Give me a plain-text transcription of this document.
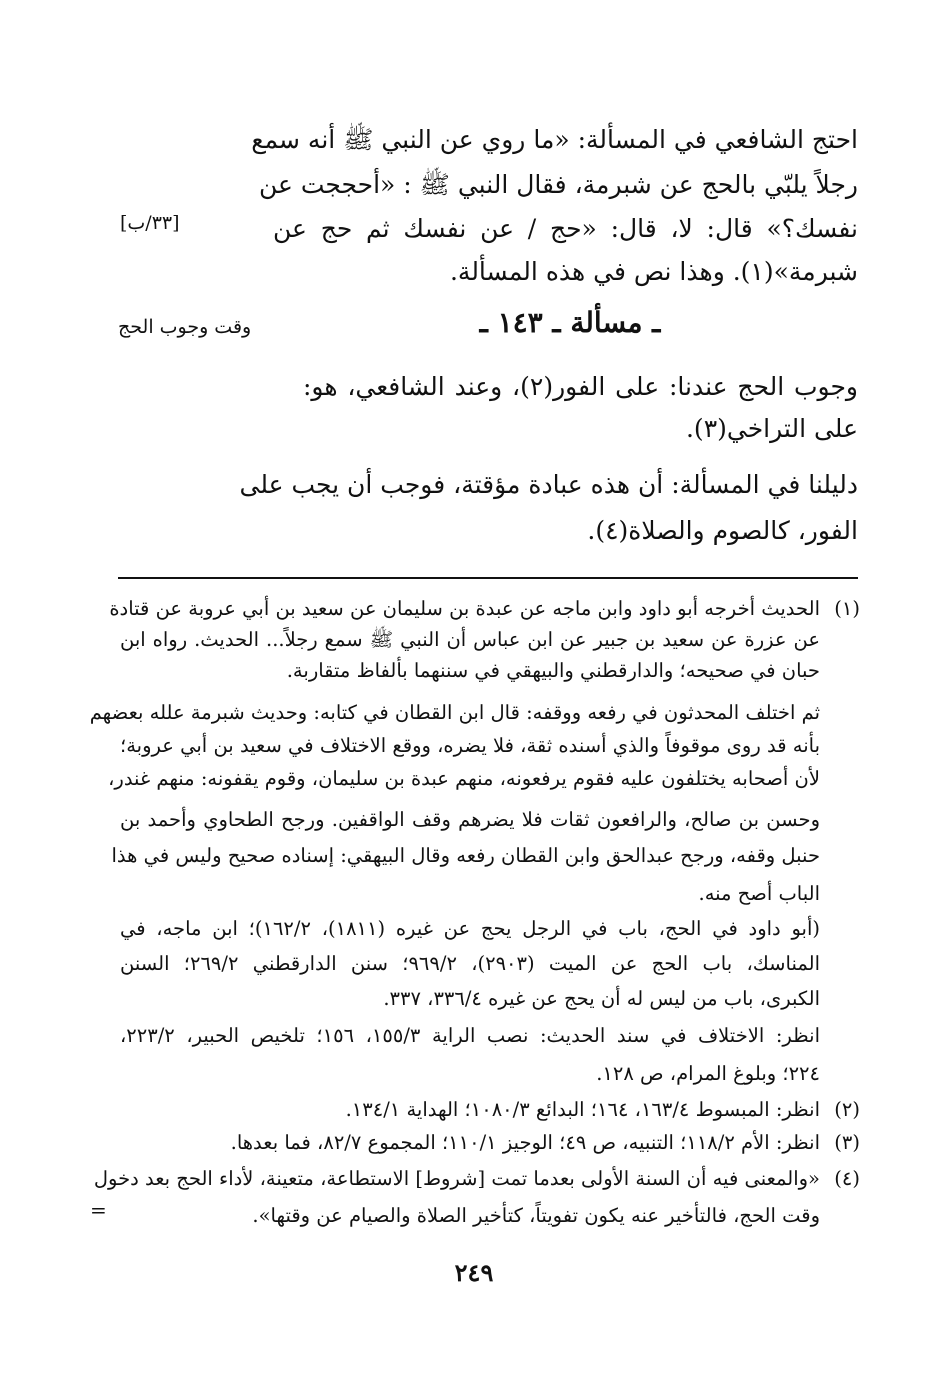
احتج الشافعي في المسألة: «ما روي عن النبي ﷺ أنه سمع
رجلاً يلبّي بالحج عن شبرمة، فقال النبي ﷺ : «أحججت عن
نفسك؟» قال: لا، قال: «حج / عن نفسك ثم حج عن
شبرمة»(١). وهذا نص في هذه المسألة.
[٣٣/ب]
ـ مسألة ـ ١٤٣ ـ
وقت وجوب الحج
وجوب الحج عندنا: على الفور(٢)، وعند الشافعي، هو:
على التراخي(٣).
دليلنا في المسألة: أن هذه عبادة مؤقتة، فوجب أن يجب على
الفور، كالصوم والصلاة(٤).
(١)
الحديث أخرجه أبو داود وابن ماجه عن عبدة بن سليمان عن سعيد بن أبي عروبة عن قتادة
عن عزرة عن سعيد بن جبير عن ابن عباس أن النبي ﷺ سمع رجلاً... الحديث. رواه ابن
حبان في صحيحه؛ والدارقطني والبيهقي في سننهما بألفاظ متقاربة.
ثم اختلف المحدثون في رفعه ووقفه: قال ابن القطان في كتابه: وحديث شبرمة علله بعضهم
بأنه قد روى موقوفاً والذي أسنده ثقة، فلا يضره، ووقع الاختلاف في سعيد بن أبي عروبة؛
لأن أصحابه يختلفون عليه فقوم يرفعونه، منهم عبدة بن سليمان، وقوم يقفونه: منهم غندر،
وحسن بن صالح، والرافعون ثقات فلا يضرهم وقف الواقفين. ورجح الطحاوي وأحمد بن
حنبل وقفه، ورجح عبدالحق وابن القطان رفعه وقال البيهقي: إسناده صحيح وليس في هذا
الباب أصح منه.
(أبو داود في الحج، باب في الرجل يحج عن غيره (١٨١١)، ١٦٢/٢)؛ ابن ماجه، في
المناسك، باب الحج عن الميت (٢٩٠٣)، ٩٦٩/٢؛ سنن الدارقطني ٢٦٩/٢؛ السنن
الكبرى، باب من ليس له أن يحج عن غيره ٣٣٦/٤، ٣٣٧.
انظر: الاختلاف في سند الحديث: نصب الراية ١٥٥/٣، ١٥٦؛ تلخيص الحبير، ٢٢٣/٢،
٢٢٤؛ وبلوغ المرام، ص ١٢٨.
(٢)
انظر: المبسوط ١٦٣/٤، ١٦٤؛ البدائع ١٠٨٠/٣؛ الهداية ١٣٤/١.
(٣)
انظر: الأم ١١٨/٢؛ التنبيه، ص ٤٩؛ الوجيز ١١٠/١؛ المجموع ٨٢/٧، فما بعدها.
(٤)
«والمعنى فيه أن السنة الأولى بعدما تمت [شروط] الاستطاعة، متعينة، لأداء الحج بعد دخول
وقت الحج، فالتأخير عنه يكون تفويتاً، كتأخير الصلاة والصيام عن وقتها».
=
٢٤٩
